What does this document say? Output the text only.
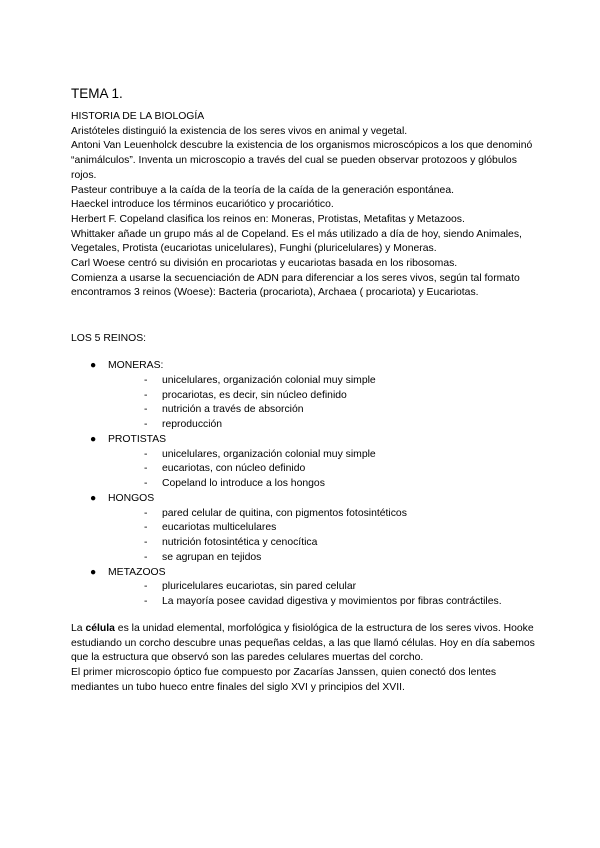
TEMA 1.

HISTORIA DE LA BIOLOGÍA

Aristóteles distinguió la existencia de los seres vivos en animal y vegetal.

Antoni Van Leuenholck descubre la existencia de los organismos microscópicos a los que denominó “animálculos”. Inventa un microscopio a través del cual se pueden observar protozoos y glóbulos rojos.

Pasteur contribuye a la caída de la teoría de la caída de la generación espontánea.

Haeckel introduce los términos eucariótico y procariótico.

Herbert F. Copeland clasifica los reinos en: Moneras, Protistas, Metafitas y Metazoos.

Whittaker añade un grupo más al de Copeland. Es el más utilizado a día de hoy, siendo Animales, Vegetales, Protista (eucariotas unicelulares), Funghi (pluricelulares) y Moneras.

Carl Woese centró su división en procariotas y eucariotas basada en los ribosomas.

Comienza a usarse la secuenciación de ADN para diferenciar a los seres vivos, según tal formato encontramos 3 reinos (Woese): Bacteria (procariota), Archaea ( procariota) y Eucariotas.

LOS 5 REINOS:

● MONERAS:
- unicelulares, organización colonial muy simple
- procariotas, es decir, sin núcleo definido
- nutrición a través de absorción
- reproducción
● PROTISTAS
- unicelulares, organización colonial muy simple
- eucariotas, con núcleo definido
- Copeland lo introduce a los hongos
● HONGOS
- pared celular de quitina, con pigmentos fotosintéticos
- eucariotas multicelulares
- nutrición fotosintética y cenocítica
- se agrupan en tejidos
● METAZOOS
- pluricelulares eucariotas, sin pared celular
- La mayoría posee cavidad digestiva y movimientos por fibras contráctiles.

La célula es la unidad elemental, morfológica y fisiológica de la estructura de los seres vivos. Hooke estudiando un corcho descubre unas pequeñas celdas, a las que llamó células. Hoy en día sabemos que la estructura que observó son las paredes celulares muertas del corcho.

El primer microscopio óptico fue compuesto por Zacarías Janssen, quien conectó dos lentes mediantes un tubo hueco entre finales del siglo XVI y principios del XVII.
